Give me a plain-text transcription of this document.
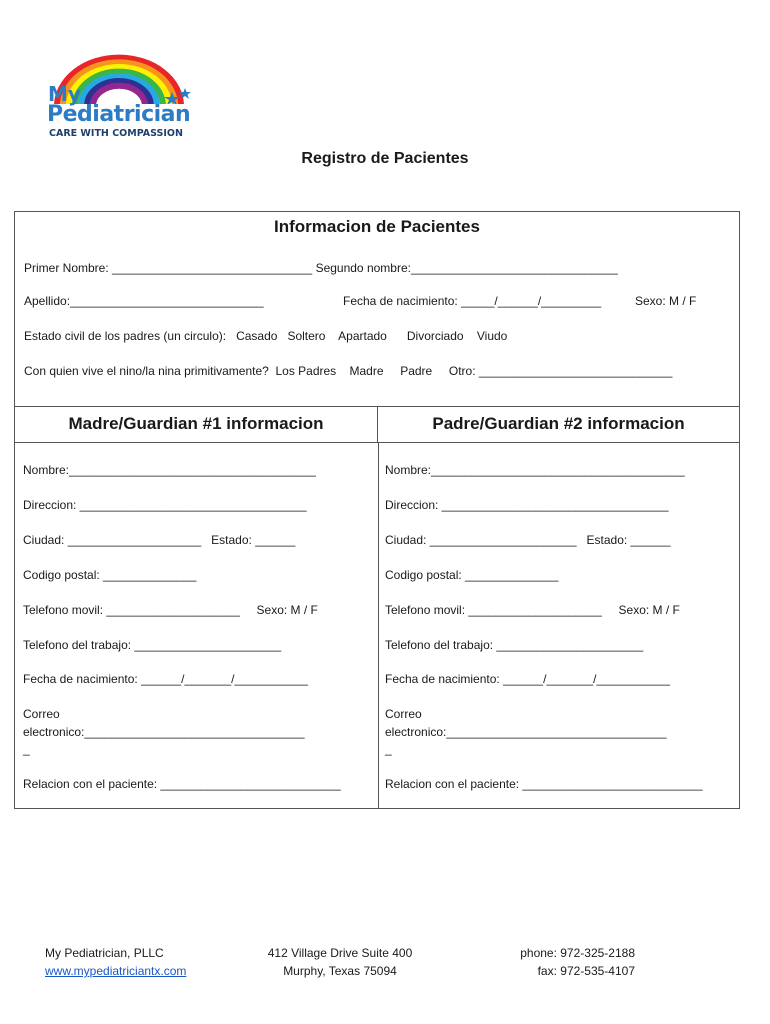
My
Pediatrician
CARE WITH COMPASSION
Registro de Pacientes
Informacion de Pacientes
Primer Nombre: ______________________________ Segundo nombre:_______________________________
Apellido:_____________________________	Fecha de nacimiento: _____/______/_________	Sexo: M / F
Estado civil de los padres (un circulo):   Casado   Soltero    Apartado      Divorciado    Viudo
Con quien vive el nino/la nina primitivamente?  Los Padres    Madre     Padre     Otro: _____________________________
Madre/Guardian #1 informacion	Padre/Guardian #2 informacion
Nombre:_____________________________________
Direccion: __________________________________
Ciudad: ____________________   Estado: ______
Codigo postal: ______________
Telefono movil: ____________________     Sexo: M / F
Telefono del trabajo: ______________________
Fecha de nacimiento: ______/_______/___________
Correo
electronico:_________________________________
_
Relacion con el paciente: ___________________________
Nombre:______________________________________
Direccion: __________________________________
Ciudad: ______________________   Estado: ______
Codigo postal: ______________
Telefono movil: ____________________     Sexo: M / F
Telefono del trabajo: ______________________
Fecha de nacimiento: ______/_______/___________
Correo
electronico:_________________________________
_
Relacion con el paciente: ___________________________
My Pediatrician, PLLC
www.mypediatriciantx.com
412 Village Drive Suite 400
Murphy, Texas 75094
phone: 972-325-2188
fax: 972-535-4107
